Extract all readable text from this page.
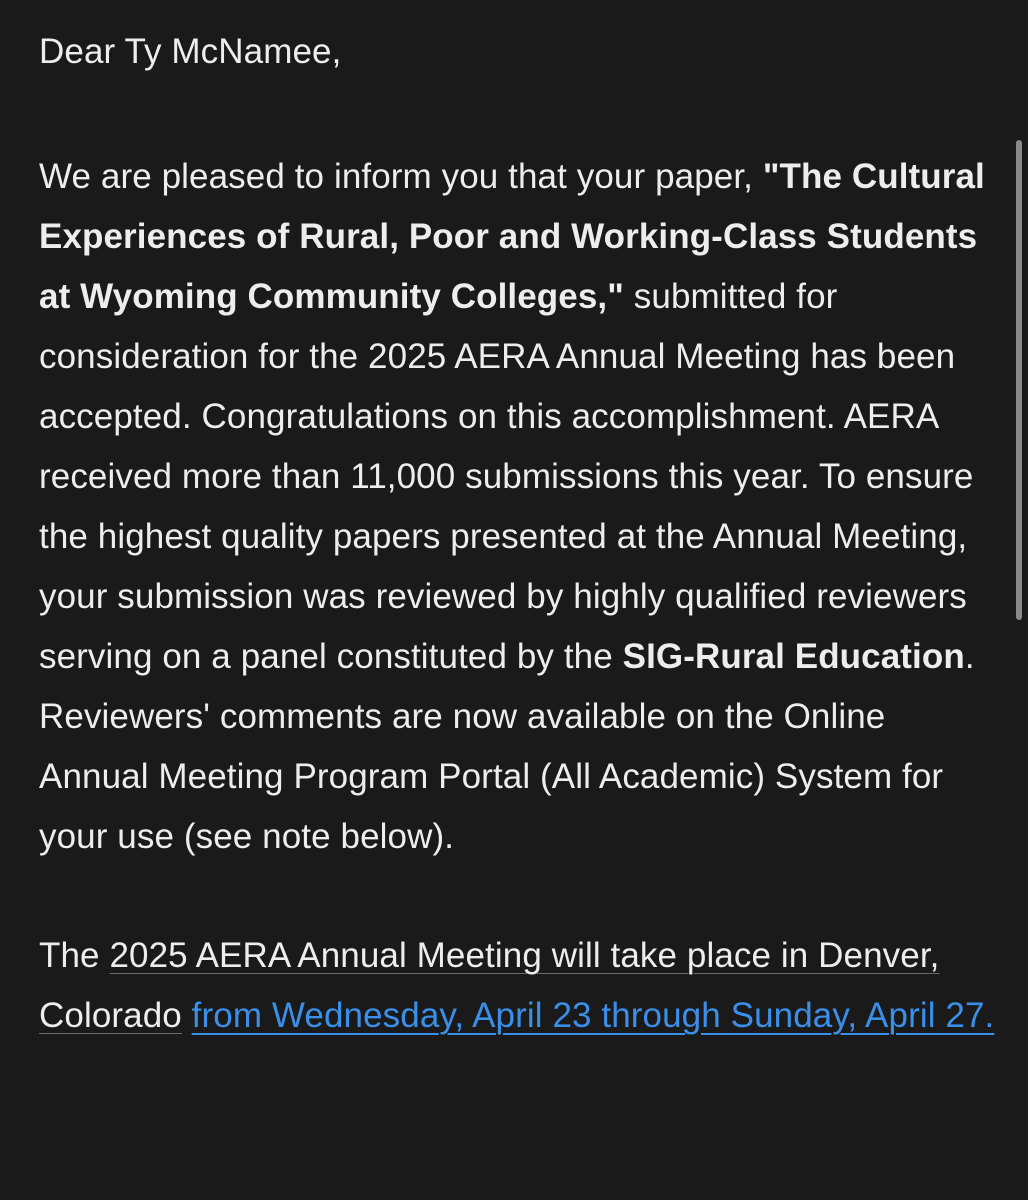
Dear Ty McNamee,

We are pleased to inform you that your paper, "The Cultural Experiences of Rural, Poor and Working-Class Students at Wyoming Community Colleges," submitted for consideration for the 2025 AERA Annual Meeting has been accepted. Congratulations on this accomplishment. AERA received more than 11,000 submissions this year. To ensure the highest quality papers presented at the Annual Meeting, your submission was reviewed by highly qualified reviewers serving on a panel constituted by the SIG-Rural Education. Reviewers' comments are now available on the Online Annual Meeting Program Portal (All Academic) System for your use (see note below).

The 2025 AERA Annual Meeting will take place in Denver, Colorado from Wednesday, April 23 through Sunday, April 27.
